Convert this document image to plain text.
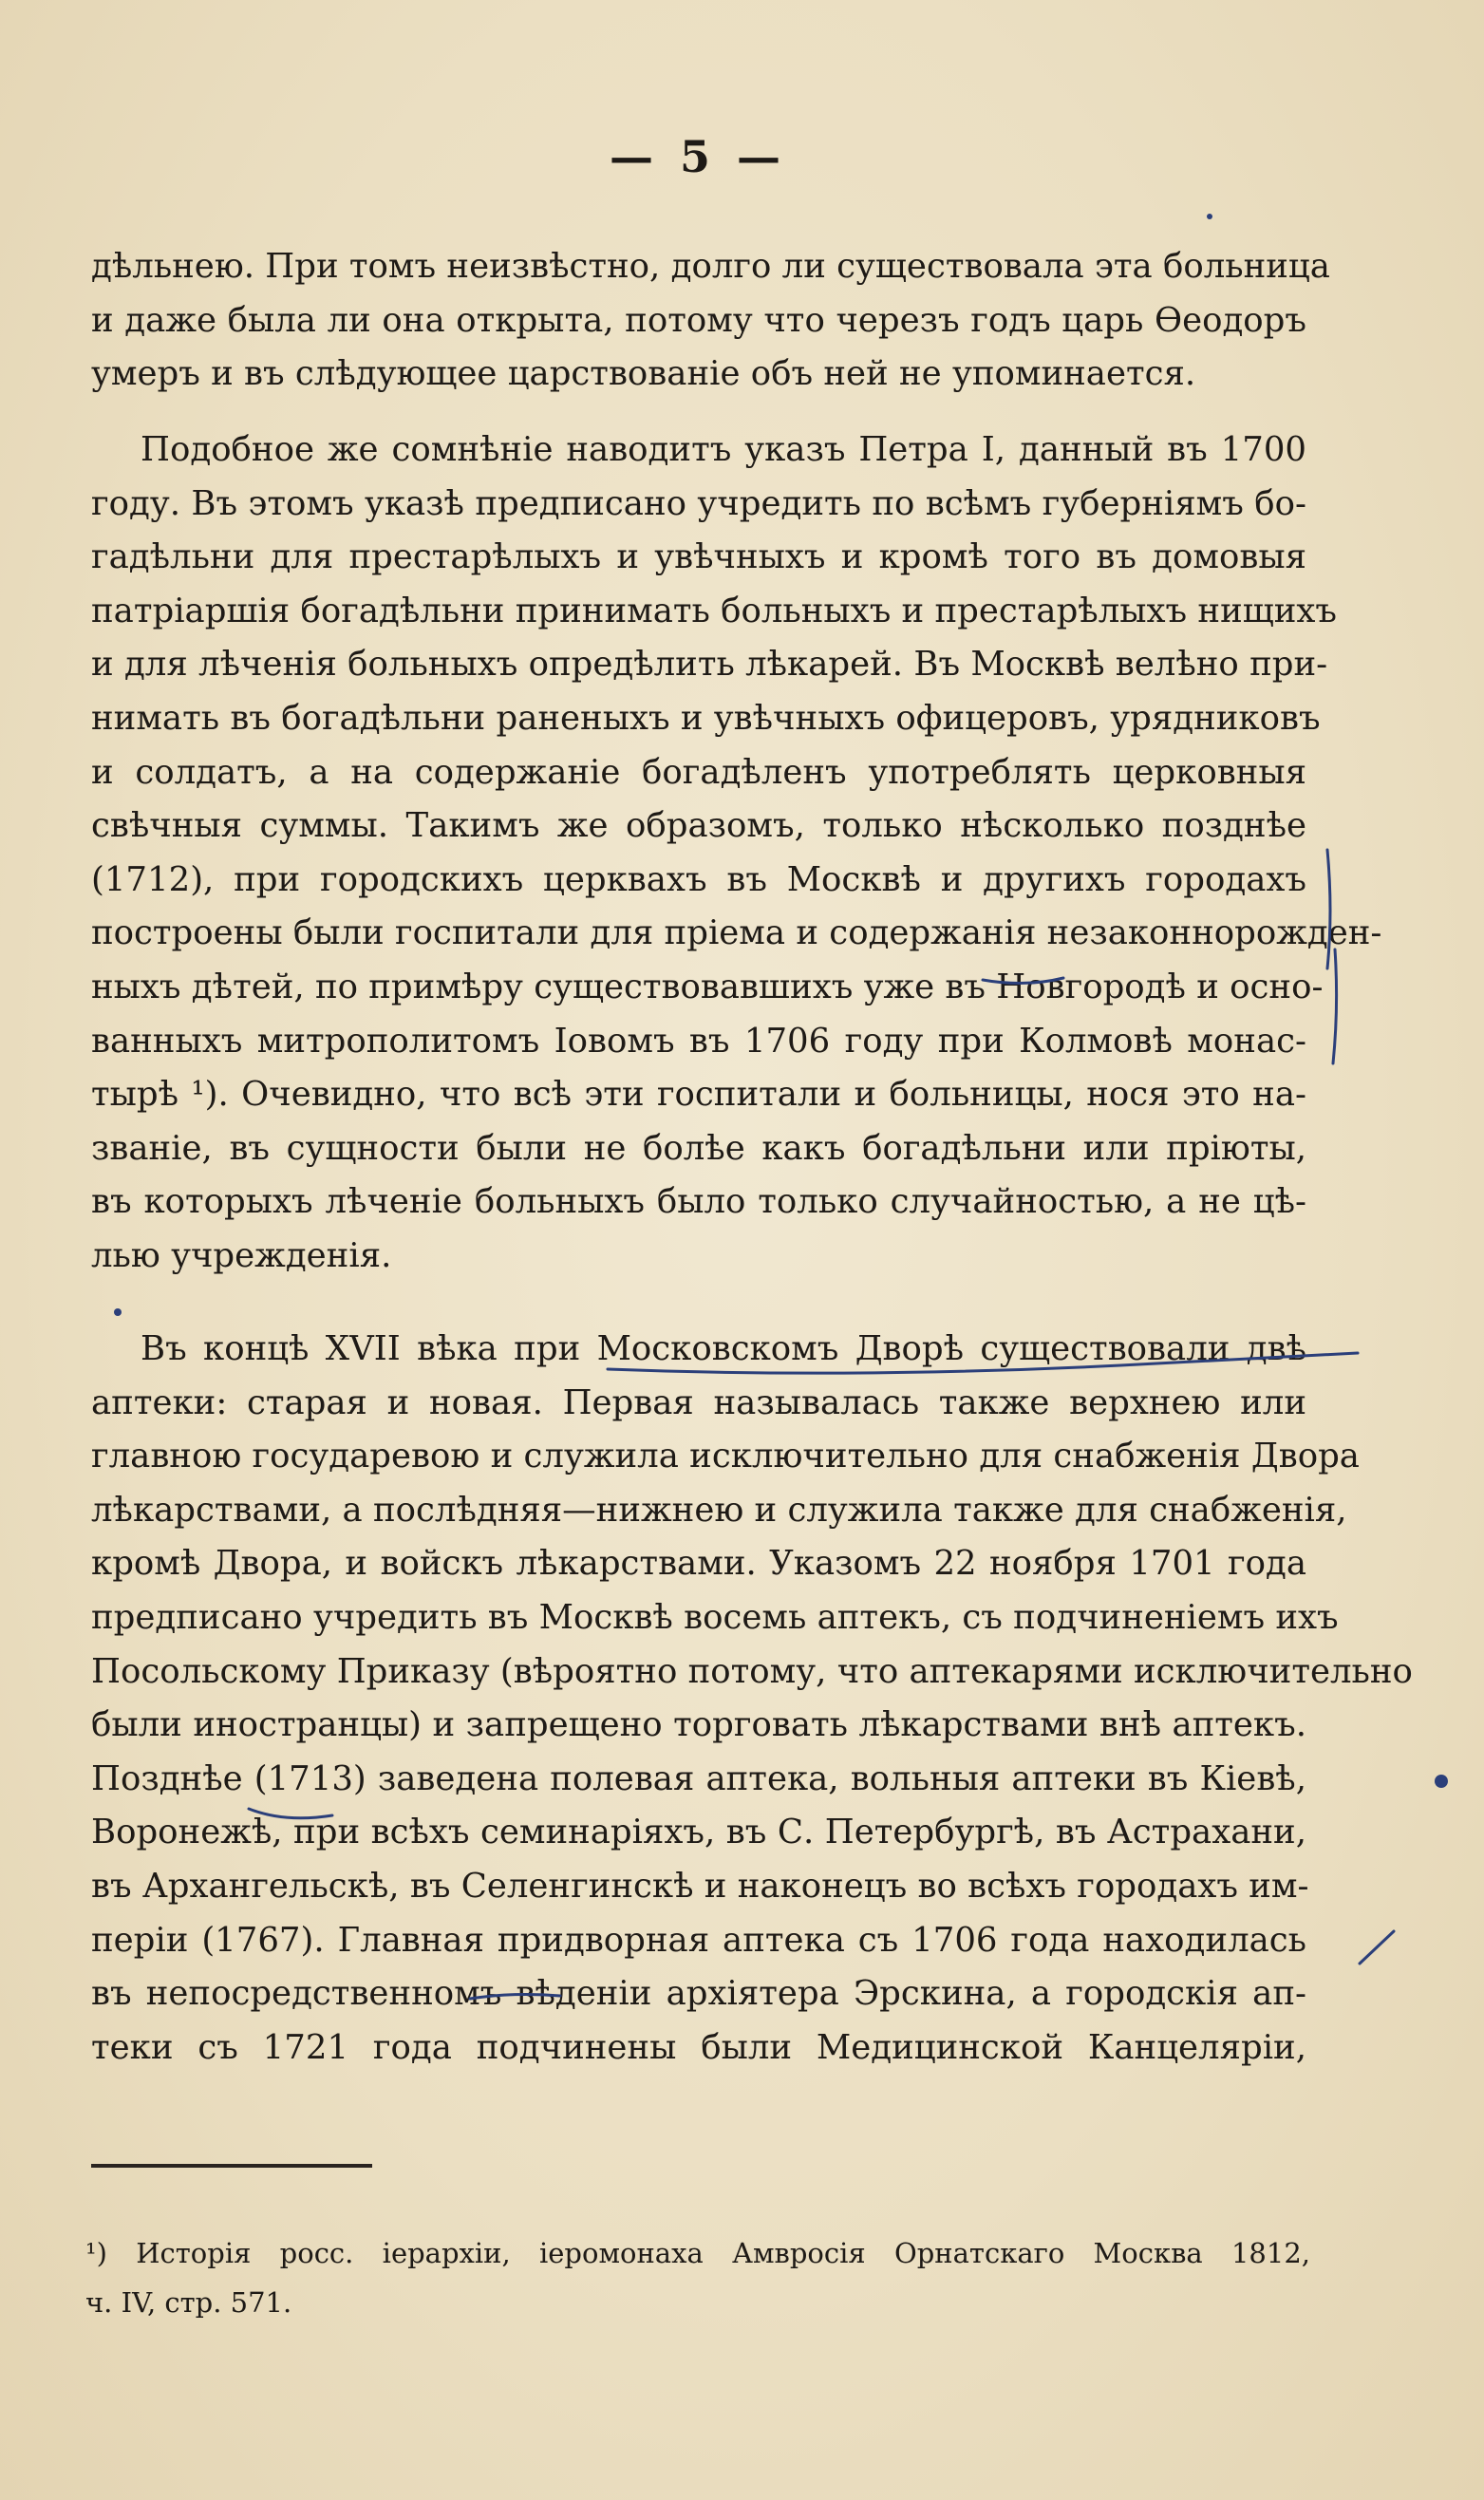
— 5 —
дѣльнею. При томъ неизвѣстно, долго ли существовала эта больница
и даже была ли она открыта, потому что черезъ годъ царь Ѳеодоръ
умеръ и въ слѣдующее царствованіе объ ней не упоминается.
Подобное же сомнѣніе наводитъ указъ Петра I, данный въ 1700
году. Въ этомъ указѣ предписано учредить по всѣмъ губерніямъ бо-
гадѣльни для престарѣлыхъ и увѣчныхъ и кромѣ того въ домовыя
патріаршія богадѣльни принимать больныхъ и престарѣлыхъ нищихъ
и для лѣченія больныхъ опредѣлить лѣкарей. Въ Москвѣ велѣно при-
нимать въ богадѣльни раненыхъ и увѣчныхъ офицеровъ, урядниковъ
и солдатъ, а на содержаніе богадѣленъ употреблять церковныя
свѣчныя суммы. Такимъ же образомъ, только нѣсколько позднѣе
(1712), при городскихъ церквахъ въ Москвѣ и другихъ городахъ
построены были госпитали для пріема и содержанія незаконнорожден-
ныхъ дѣтей, по примѣру существовавшихъ уже въ Новгородѣ и осно-
ванныхъ митрополитомъ Іовомъ въ 1706 году при Колмовѣ монас-
тырѣ ¹). Очевидно, что всѣ эти госпитали и больницы, нося это на-
званіе, въ сущности были не болѣе какъ богадѣльни или пріюты,
въ которыхъ лѣченіе больныхъ было только случайностью, а не цѣ-
лью учрежденія.
Въ концѣ XVII вѣка при Московскомъ Дворѣ существовали двѣ
аптеки: старая и новая. Первая называлась также верхнею или
главною государевою и служила исключительно для снабженія Двора
лѣкарствами, а послѣдняя—нижнею и служила также для снабженія,
кромѣ Двора, и войскъ лѣкарствами. Указомъ 22 ноября 1701 года
предписано учредить въ Москвѣ восемь аптекъ, съ подчиненіемъ ихъ
Посольскому Приказу (вѣроятно потому, что аптекарями исключительно
были иностранцы) и запрещено торговать лѣкарствами внѣ аптекъ.
Позднѣе (1713) заведена полевая аптека, вольныя аптеки въ Кіевѣ,
Воронежѣ, при всѣхъ семинаріяхъ, въ С. Петербургѣ, въ Астрахани,
въ Архангельскѣ, въ Селенгинскѣ и наконецъ во всѣхъ городахъ им-
періи (1767). Главная придворная аптека съ 1706 года находилась
въ непосредственномъ вѣденіи архіятера Эрскина, а городскія ап-
теки съ 1721 года подчинены были Медицинской Канцеляріи,
¹) Исторія росс. іерархіи, іеромонаха Амвросія Орнатскаго Москва 1812,
ч. IV, стр. 571.
